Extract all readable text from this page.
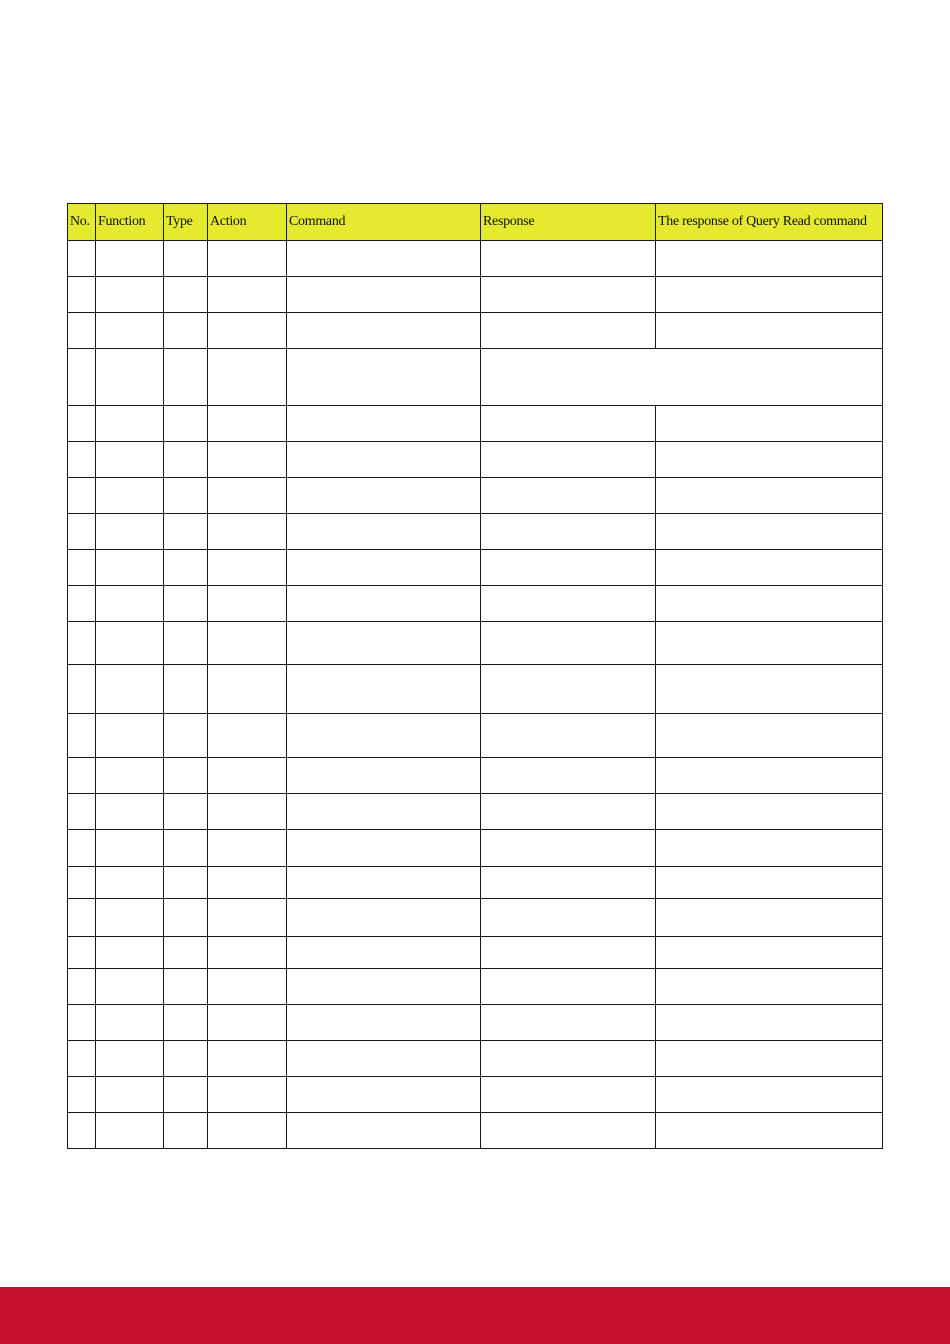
No.	Function	Type	Action	Command	Response	The response of Query Read command
